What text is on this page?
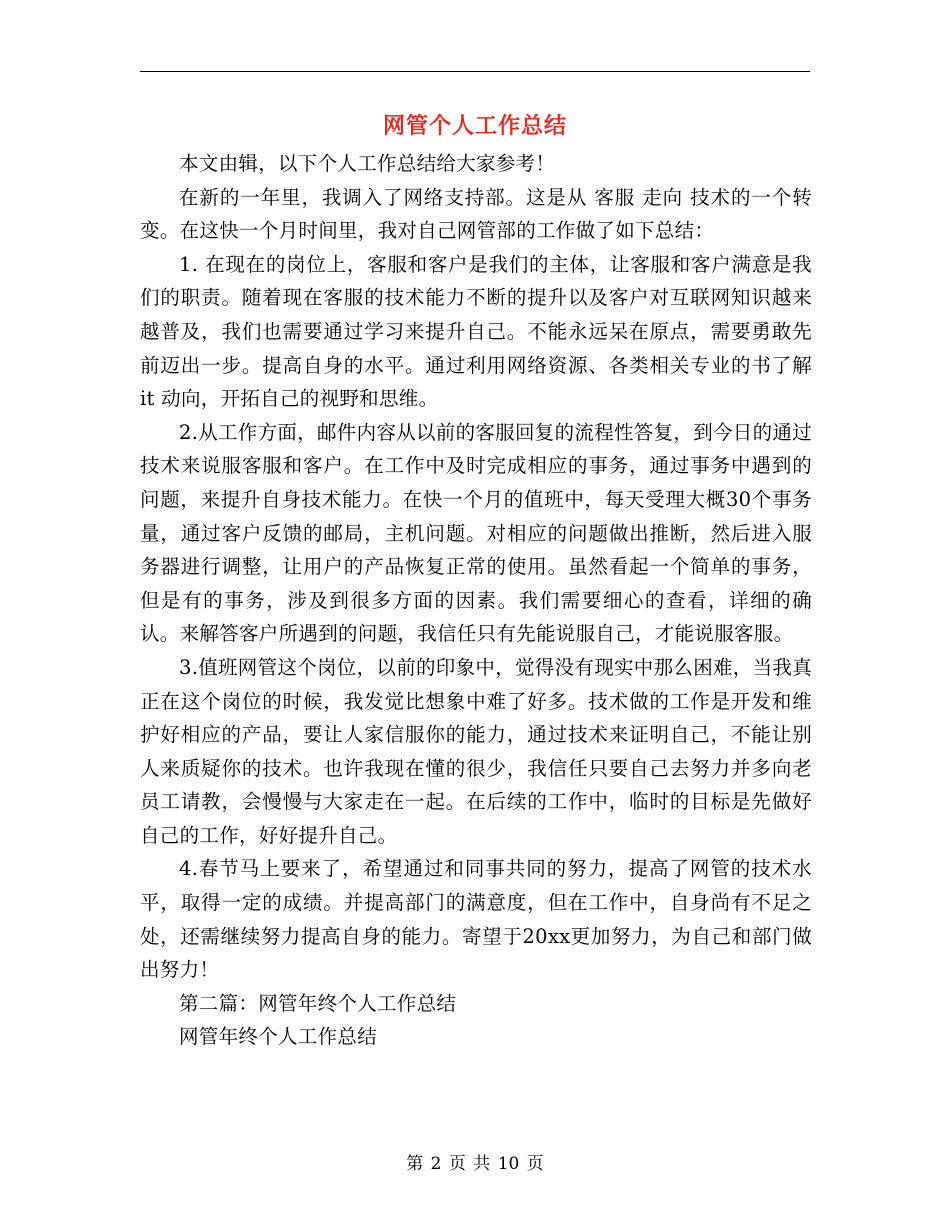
网管个人工作总结

本文由辑，以下个人工作总结给大家参考！

在新的一年里，我调入了网络支持部。这是从 客服 走向 技术的一个转变。在这快一个月时间里，我对自己网管部的工作做了如下总结：

1. 在现在的岗位上，客服和客户是我们的主体，让客服和客户满意是我们的职责。随着现在客服的技术能力不断的提升以及客户对互联网知识越来越普及，我们也需要通过学习来提升自己。不能永远呆在原点，需要勇敢先前迈出一步。提高自身的水平。通过利用网络资源、各类相关专业的书了解 it 动向，开拓自己的视野和思维。

2.从工作方面，邮件内容从以前的客服回复的流程性答复，到今日的通过技术来说服客服和客户。在工作中及时完成相应的事务，通过事务中遇到的问题，来提升自身技术能力。在快一个月的值班中，每天受理大概30个事务量，通过客户反馈的邮局，主机问题。对相应的问题做出推断，然后进入服务器进行调整，让用户的产品恢复正常的使用。虽然看起一个简单的事务，但是有的事务，涉及到很多方面的因素。我们需要细心的查看，详细的确认。来解答客户所遇到的问题，我信任只有先能说服自己，才能说服客服。

3.值班网管这个岗位，以前的印象中，觉得没有现实中那么困难，当我真正在这个岗位的时候，我发觉比想象中难了好多。技术做的工作是开发和维护好相应的产品，要让人家信服你的能力，通过技术来证明自己，不能让别人来质疑你的技术。也许我现在懂的很少，我信任只要自己去努力并多向老员工请教，会慢慢与大家走在一起。在后续的工作中，临时的目标是先做好自己的工作，好好提升自己。

4.春节马上要来了，希望通过和同事共同的努力，提高了网管的技术水平，取得一定的成绩。并提高部门的满意度，但在工作中，自身尚有不足之处，还需继续努力提高自身的能力。寄望于20xx更加努力，为自己和部门做出努力！

第二篇：网管年终个人工作总结

网管年终个人工作总结

第 2 页 共 10 页
